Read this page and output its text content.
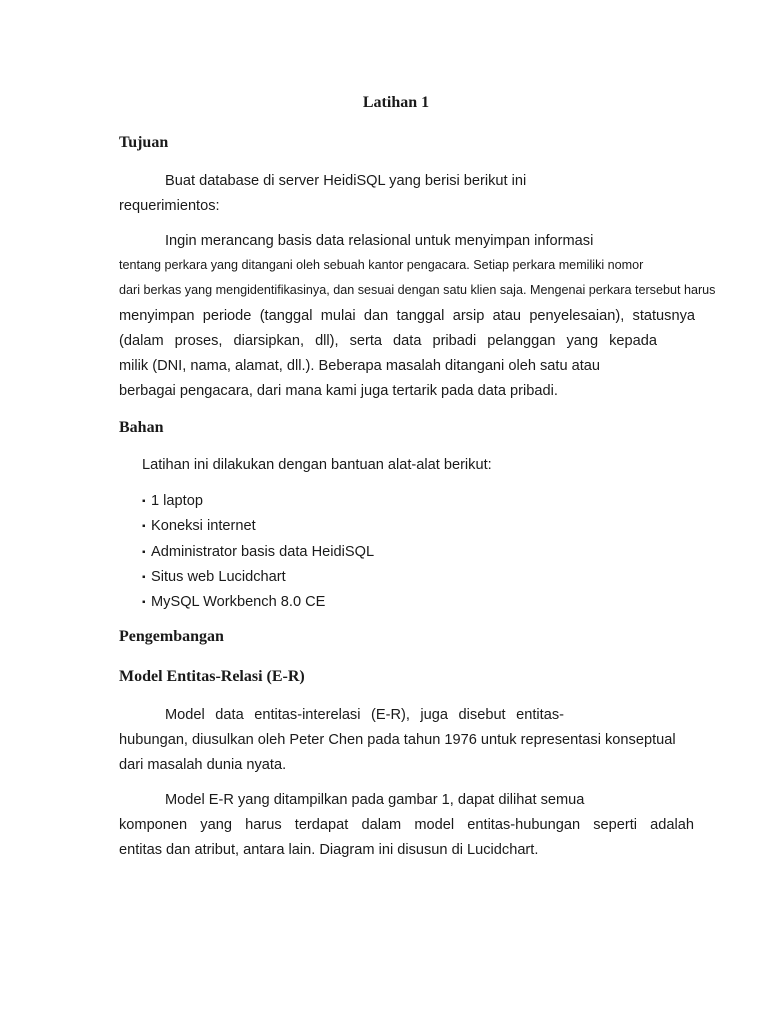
Latihan 1
Tujuan
Buat database di server HeidiSQL yang berisi berikut ini
requerimientos:
Ingin merancang basis data relasional untuk menyimpan informasi
tentang perkara yang ditangani oleh sebuah kantor pengacara. Setiap perkara memiliki nomor
dari berkas yang mengidentifikasinya, dan sesuai dengan satu klien saja. Mengenai perkara tersebut harus
menyimpan periode (tanggal mulai dan tanggal arsip atau penyelesaian), statusnya
(dalam proses, diarsipkan, dll), serta data pribadi pelanggan yang kepada
milik (DNI, nama, alamat, dll.). Beberapa masalah ditangani oleh satu atau
berbagai pengacara, dari mana kami juga tertarik pada data pribadi.
Bahan
Latihan ini dilakukan dengan bantuan alat-alat berikut:
▪ 1 laptop
▪ Koneksi internet
▪ Administrator basis data HeidiSQL
▪ Situs web Lucidchart
▪ MySQL Workbench 8.0 CE
Pengembangan
Model Entitas-Relasi (E-R)
Model data entitas-interelasi (E-R), juga disebut entitas-
hubungan, diusulkan oleh Peter Chen pada tahun 1976 untuk representasi konseptual
dari masalah dunia nyata.
Model E-R yang ditampilkan pada gambar 1, dapat dilihat semua
komponen yang harus terdapat dalam model entitas-hubungan seperti adalah
entitas dan atribut, antara lain. Diagram ini disusun di Lucidchart.
